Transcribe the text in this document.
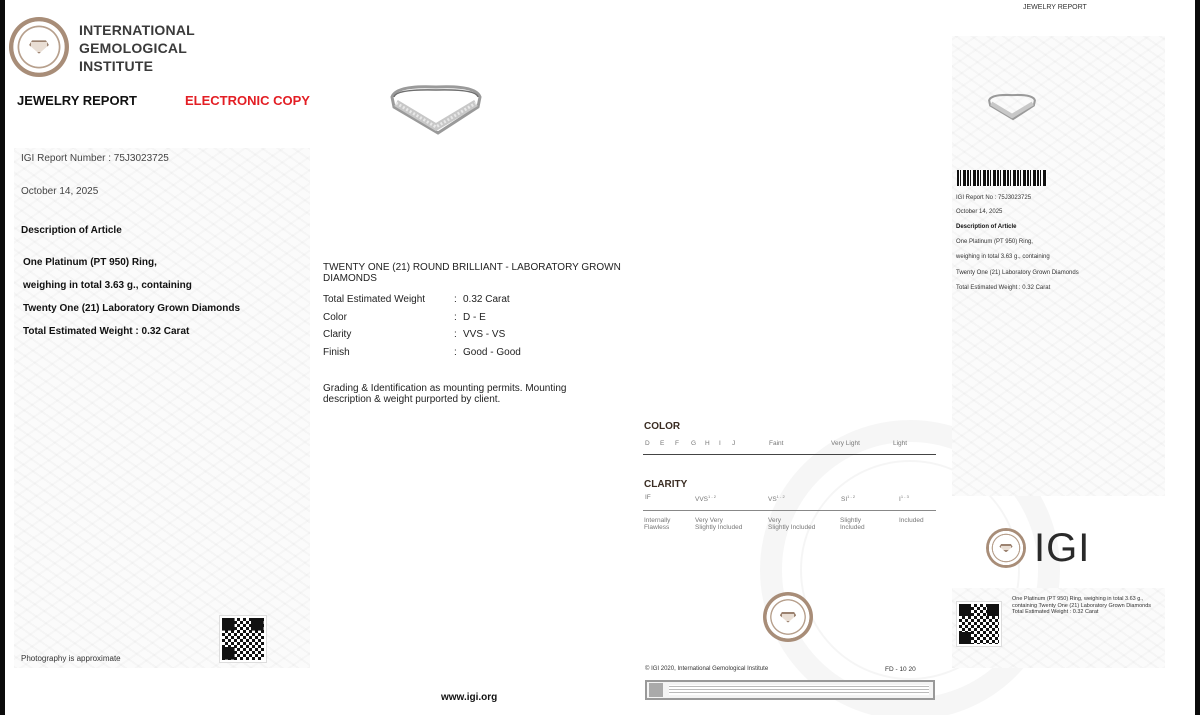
INTERNATIONAL
GEMOLOGICAL
INSTITUTE
JEWELRY REPORT	ELECTRONIC COPY
IGI Report Number : 75J3023725
October 14, 2025
Description of Article
One Platinum (PT 950) Ring,
weighing in total 3.63 g., containing
Twenty One (21) Laboratory Grown Diamonds
Total Estimated Weight : 0.32 Carat
Photography is approximate
TWENTY ONE (21) ROUND BRILLIANT - LABORATORY GROWN DIAMONDS
Total Estimated Weight	: 0.32 Carat
Color	: D - E
Clarity	: VVS - VS
Finish	: Good - Good
Grading & Identification as mounting permits. Mounting description & weight purported by client.
COLOR
D	E	F	G	H	I	J	Faint	Very Light	Light
CLARITY
IF	VVS$^{1 - 2}$	VS$^{1 - 2}$	SI$^{1 - 2}$	$I^{1 - 3}$
Internally
Flawless
Very Very
Slightly Included
Very
Slightly Included
Slightly
Included
Included
© IGI 2020, International Gemological Institute	FD - 10 20
www.igi.org
JEWELRY REPORT
IGI Report No : 75J3023725
October 14, 2025
Description of Article
One Platinum (PT 950) Ring,
weighing in total 3.63 g., containing
Twenty One (21) Laboratory Grown Diamonds
Total Estimated Weight : 0.32 Carat
IGI
One Platinum (PT 950) Ring, weighing in total 3.63 g., containing Twenty One (21) Laboratory Grown Diamonds Total Estimated Weight : 0.32 Carat
